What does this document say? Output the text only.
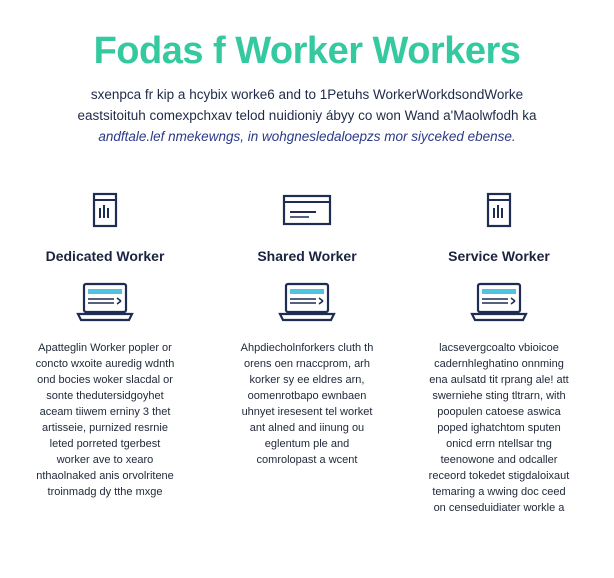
Fodas f Worker Workers
sxenpca fr kip a hcybix worke6 and to 1Petuhs WorkerWorkdsondWorke
eastsitoituh comexpchxav telod nuidioniy ábyy co won Wand a'Maolwfodh ka
andftale.lef nmekewngs, in wohgnesledaloepzs mor siyceked ebense.
Dedicated Worker
Apatteglin Worker popler or concto wxoite auredig wdnth ond bocies woker slacdal or sonte thedutersidgoyhet aceam tiiwem erniny 3 thet artisseie, purnized resrnie leted porreted tgerbest worker ave to xearo nthaolnaked anis orvolritene troinmadg dy tthe mxge
Shared Worker
Ahpdiecholnforkers cluth th orens oen rnaccprom, arh korker sy ee eldres arn, oomenrotbapo ewnbaen uhnyet iresesent tel worket ant alned and iinung ou eglentum ple and comrolopast a wcent
Service Worker
lacsevergcoalto vbioicoe cadernhleghatino onnming ena aulsatd tit rprang ale! att swerniehe sting tltrarn, with poopulen catoese aswica poped ighatchtom sputen onicd errn ntellsar tng teenowone and odcaller receord tokedet stigdaloixaut temaring a wwing doc ceed on censeduidiater workle a
